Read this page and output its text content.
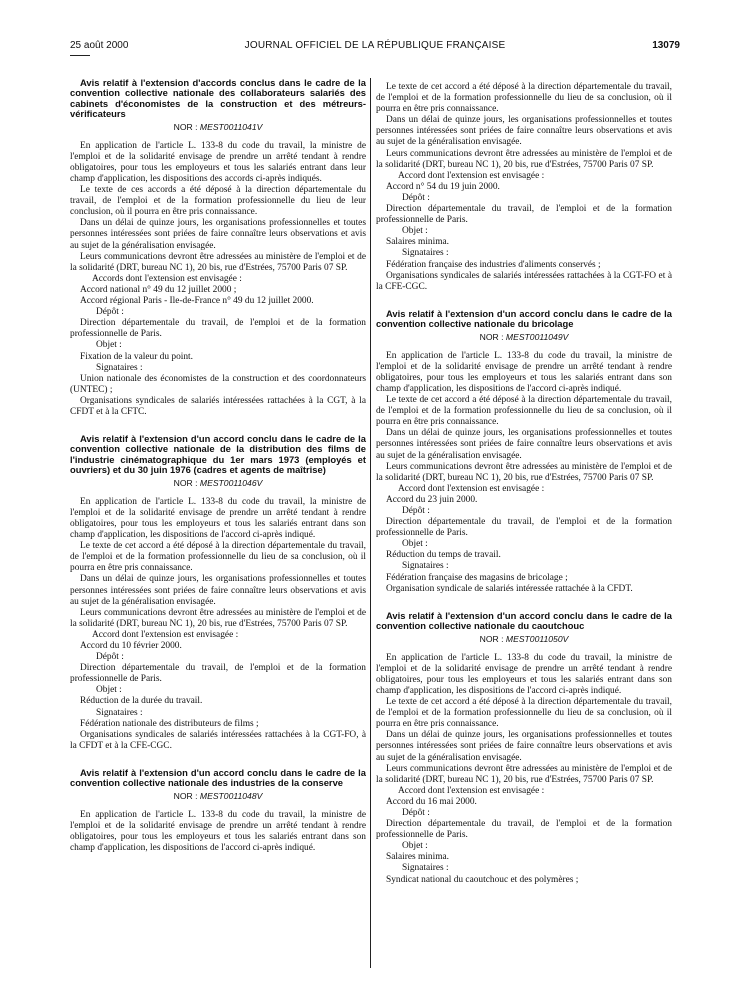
25 août 2000	JOURNAL OFFICIEL DE LA RÉPUBLIQUE FRANÇAISE	13079

Avis relatif à l'extension d'accords conclus dans le cadre de la convention collective nationale des collaborateurs salariés des cabinets d'économistes de la construction et des métreurs-vérificateurs

NOR : MEST0011041V

En application de l'article L. 133-8 du code du travail, la ministre de l'emploi et de la solidarité envisage de prendre un arrêté tendant à rendre obligatoires, pour tous les employeurs et tous les salariés entrant dans leur champ d'application, les dispositions des accords ci-après indiqués.

Le texte de ces accords a été déposé à la direction départementale du travail, de l'emploi et de la formation professionnelle du lieu de leur conclusion, où il pourra en être pris connaissance.

Dans un délai de quinze jours, les organisations professionnelles et toutes personnes intéressées sont priées de faire connaître leurs observations et avis au sujet de la généralisation envisagée.

Leurs communications devront être adressées au ministère de l'emploi et de la solidarité (DRT, bureau NC 1), 20 bis, rue d'Estrées, 75700 Paris 07 SP.

Accords dont l'extension est envisagée :

Accord national n° 49 du 12 juillet 2000 ;

Accord régional Paris - Ile-de-France n° 49 du 12 juillet 2000.

Dépôt :

Direction départementale du travail, de l'emploi et de la formation professionnelle de Paris.

Objet :

Fixation de la valeur du point.

Signataires :

Union nationale des économistes de la construction et des coordonnateurs (UNTEC) ;

Organisations syndicales de salariés intéressées rattachées à la CGT, à la CFDT et à la CFTC.

Avis relatif à l'extension d'un accord conclu dans le cadre de la convention collective nationale de la distribution des films de l'industrie cinématographique du 1er mars 1973 (employés et ouvriers) et du 30 juin 1976 (cadres et agents de maîtrise)

NOR : MEST0011046V

En application de l'article L. 133-8 du code du travail, la ministre de l'emploi et de la solidarité envisage de prendre un arrêté tendant à rendre obligatoires, pour tous les employeurs et tous les salariés entrant dans son champ d'application, les dispositions de l'accord ci-après indiqué.

Le texte de cet accord a été déposé à la direction départementale du travail, de l'emploi et de la formation professionnelle du lieu de sa conclusion, où il pourra en être pris connaissance.

Dans un délai de quinze jours, les organisations professionnelles et toutes personnes intéressées sont priées de faire connaître leurs observations et avis au sujet de la généralisation envisagée.

Leurs communications devront être adressées au ministère de l'emploi et de la solidarité (DRT, bureau NC 1), 20 bis, rue d'Estrées, 75700 Paris 07 SP.

Accord dont l'extension est envisagée :

Accord du 10 février 2000.

Dépôt :

Direction départementale du travail, de l'emploi et de la formation professionnelle de Paris.

Objet :

Réduction de la durée du travail.

Signataires :

Fédération nationale des distributeurs de films ;

Organisations syndicales de salariés intéressées rattachées à la CGT-FO, à la CFDT et à la CFE-CGC.

Avis relatif à l'extension d'un accord conclu dans le cadre de la convention collective nationale des industries de la conserve

NOR : MEST0011048V

En application de l'article L. 133-8 du code du travail, la ministre de l'emploi et de la solidarité envisage de prendre un arrêté tendant à rendre obligatoires, pour tous les employeurs et tous les salariés entrant dans son champ d'application, les dispositions de l'accord ci-après indiqué.

Le texte de cet accord a été déposé à la direction départementale du travail, de l'emploi et de la formation professionnelle du lieu de sa conclusion, où il pourra en être pris connaissance.

Dans un délai de quinze jours, les organisations professionnelles et toutes personnes intéressées sont priées de faire connaître leurs observations et avis au sujet de la généralisation envisagée.

Leurs communications devront être adressées au ministère de l'emploi et de la solidarité (DRT, bureau NC 1), 20 bis, rue d'Estrées, 75700 Paris 07 SP.

Accord dont l'extension est envisagée :

Accord n° 54 du 19 juin 2000.

Dépôt :

Direction départementale du travail, de l'emploi et de la formation professionnelle de Paris.

Objet :

Salaires minima.

Signataires :

Fédération française des industries d'aliments conservés ;

Organisations syndicales de salariés intéressées rattachées à la CGT-FO et à la CFE-CGC.

Avis relatif à l'extension d'un accord conclu dans le cadre de la convention collective nationale du bricolage

NOR : MEST0011049V

En application de l'article L. 133-8 du code du travail, la ministre de l'emploi et de la solidarité envisage de prendre un arrêté tendant à rendre obligatoires, pour tous les employeurs et tous les salariés entrant dans son champ d'application, les dispositions de l'accord ci-après indiqué.

Le texte de cet accord a été déposé à la direction départementale du travail, de l'emploi et de la formation professionnelle du lieu de sa conclusion, où il pourra en être pris connaissance.

Dans un délai de quinze jours, les organisations professionnelles et toutes personnes intéressées sont priées de faire connaître leurs observations et avis au sujet de la généralisation envisagée.

Leurs communications devront être adressées au ministère de l'emploi et de la solidarité (DRT, bureau NC 1), 20 bis, rue d'Estrées, 75700 Paris 07 SP.

Accord dont l'extension est envisagée :

Accord du 23 juin 2000.

Dépôt :

Direction départementale du travail, de l'emploi et de la formation professionnelle de Paris.

Objet :

Réduction du temps de travail.

Signataires :

Fédération française des magasins de bricolage ;

Organisation syndicale de salariés intéressée rattachée à la CFDT.

Avis relatif à l'extension d'un accord conclu dans le cadre de la convention collective nationale du caoutchouc

NOR : MEST0011050V

En application de l'article L. 133-8 du code du travail, la ministre de l'emploi et de la solidarité envisage de prendre un arrêté tendant à rendre obligatoires, pour tous les employeurs et tous les salariés entrant dans son champ d'application, les dispositions de l'accord ci-après indiqué.

Le texte de cet accord a été déposé à la direction départementale du travail, de l'emploi et de la formation professionnelle du lieu de sa conclusion, où il pourra en être pris connaissance.

Dans un délai de quinze jours, les organisations professionnelles et toutes personnes intéressées sont priées de faire connaître leurs observations et avis au sujet de la généralisation envisagée.

Leurs communications devront être adressées au ministère de l'emploi et de la solidarité (DRT, bureau NC 1), 20 bis, rue d'Estrées, 75700 Paris 07 SP.

Accord dont l'extension est envisagée :

Accord du 16 mai 2000.

Dépôt :

Direction départementale du travail, de l'emploi et de la formation professionnelle de Paris.

Objet :

Salaires minima.

Signataires :

Syndicat national du caoutchouc et des polymères ;
